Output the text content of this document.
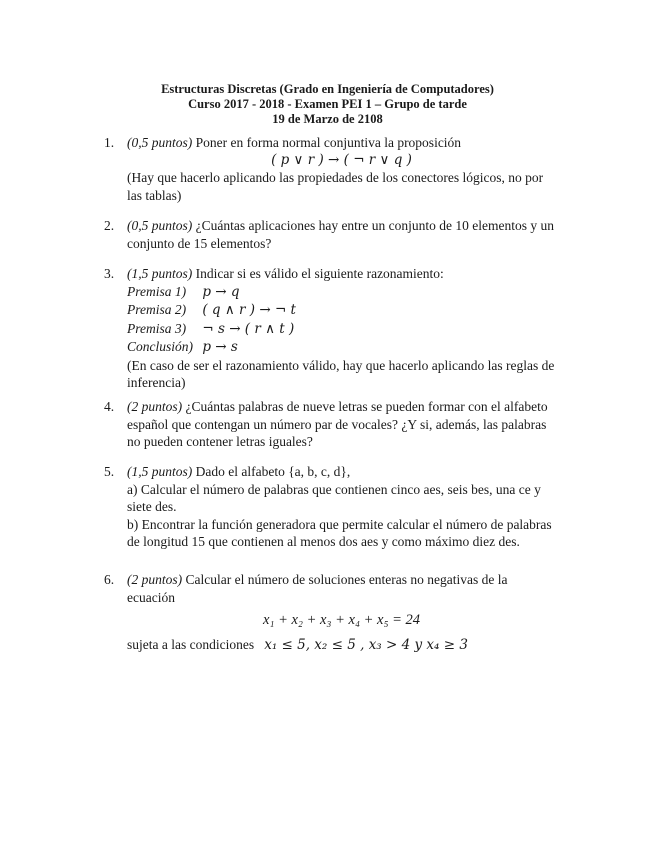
Estructuras Discretas (Grado en Ingeniería de Computadores)
Curso 2017 - 2018 - Examen PEI 1 – Grupo de tarde
19 de Marzo de 2108
1. (0,5 puntos) Poner en forma normal conjuntiva la proposición
( p ∨ r ) → ( ¬ r ∨ q )
(Hay que hacerlo aplicando las propiedades de los conectores lógicos, no por las tablas)
2. (0,5 puntos) ¿Cuántas aplicaciones hay entre un conjunto de 10 elementos y un conjunto de 15 elementos?
3. (1,5 puntos) Indicar si es válido el siguiente razonamiento:
Premisa 1) p → q
Premisa 2) ( q ∧ r ) → ¬ t
Premisa 3) ¬ s → ( r ∧ t )
Conclusión) p → s
(En caso de ser el razonamiento válido, hay que hacerlo aplicando las reglas de inferencia)
4. (2 puntos) ¿Cuántas palabras de nueve letras se pueden formar con el alfabeto español que contengan un número par de vocales? ¿Y si, además, las palabras no pueden contener letras iguales?
5. (1,5 puntos) Dado el alfabeto {a, b, c, d},
a) Calcular el número de palabras que contienen cinco aes, seis bes, una ce y siete des.
b) Encontrar la función generadora que permite calcular el número de palabras de longitud 15 que contienen al menos dos aes y como máximo diez des.
6. (2 puntos) Calcular el número de soluciones enteras no negativas de la ecuación
x₁ + x₂ + x₃ + x₄ + x₅ = 24
sujeta a las condiciones x₁ ≤ 5, x₂ ≤ 5 , x₃ > 4 y x₄ ≥ 3
